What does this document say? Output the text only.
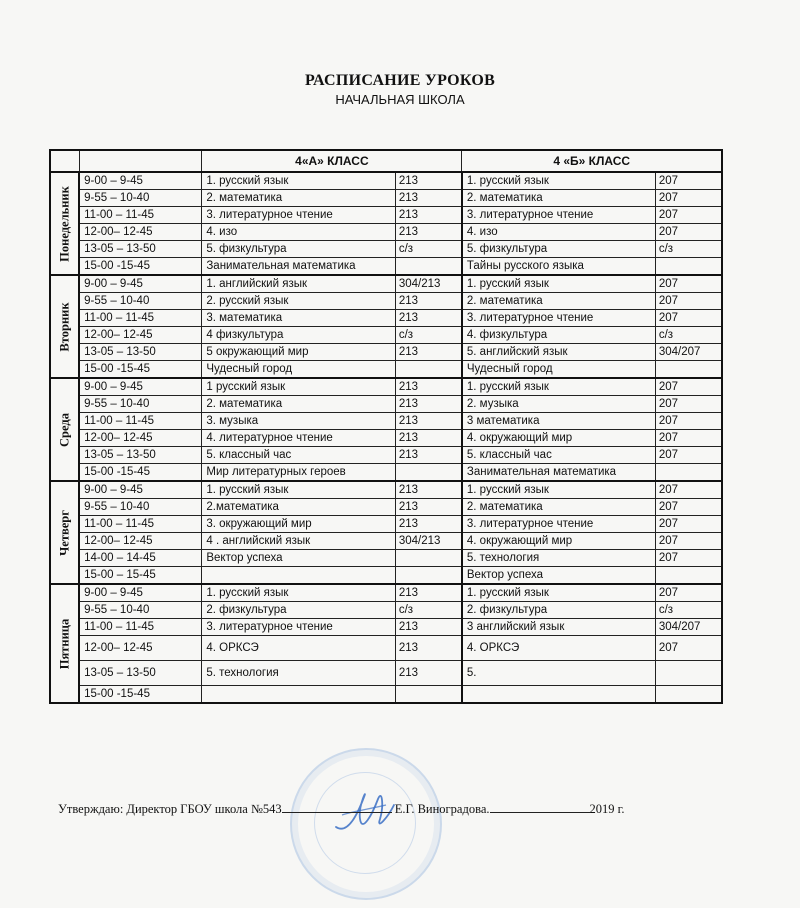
РАСПИСАНИЕ УРОКОВ
НАЧАЛЬНАЯ ШКОЛА
		4«А» КЛАСС		4 «Б» КЛАСС	

Понедельник	9-00 – 9-45	1. русский язык	213	1. русский язык	207
	9-55 – 10-40	2. математика	213	2. математика	207
	11-00 – 11-45	3. литературное чтение	213	3. литературное чтение	207
	12-00– 12-45	4. изо	213	4. изо	207
	13-05 – 13-50	5. физкультура	с/з	5. физкультура	с/з
	15-00 -15-45	Занимательная математика		Тайны русского языка	

Вторник	9-00 – 9-45	1. английский язык	304/213	1. русский язык	207
	9-55 – 10-40	2. русский язык	213	2. математика	207
	11-00 – 11-45	3. математика	213	3. литературное чтение	207
	12-00– 12-45	4 физкультура	с/з	4. физкультура	с/з
	13-05 – 13-50	5 окружающий мир	213	5. английский язык	304/207
	15-00 -15-45	Чудесный город		Чудесный город	

Среда	9-00 – 9-45	1 русский язык	213	1. русский язык	207
	9-55 – 10-40	2. математика	213	2. музыка	207
	11-00 – 11-45	3. музыка	213	3 математика	207
	12-00– 12-45	4. литературное чтение	213	4. окружающий мир	207
	13-05 – 13-50	5. классный час	213	5. классный час	207
	15-00 -15-45	Мир литературных героев		Занимательная математика	

Четверг	9-00 – 9-45	1. русский язык	213	1. русский язык	207
	9-55 – 10-40	2.математика	213	2. математика	207
	11-00 – 11-45	3. окружающий мир	213	3. литературное чтение	207
	12-00– 12-45	4 . английский язык	304/213	4. окружающий мир	207
	14-00 – 14-45	Вектор успеха		5. технология	207
	15-00 – 15-45			Вектор успеха	

Пятница	9-00 – 9-45	1. русский язык	213	1. русский язык	207
	9-55 – 10-40	2. физкультура	с/з	2. физкультура	с/з
	11-00 – 11-45	3. литературное чтение	213	3 английский язык	304/207
	12-00– 12-45	4. ОРКСЭ	213	4. ОРКСЭ	207
	13-05 – 13-50	5. технология	213	5.	
	15-00 -15-45				
Утверждаю: Директор ГБОУ школа №543	Е.Г. Виноградова.	2019 г.
